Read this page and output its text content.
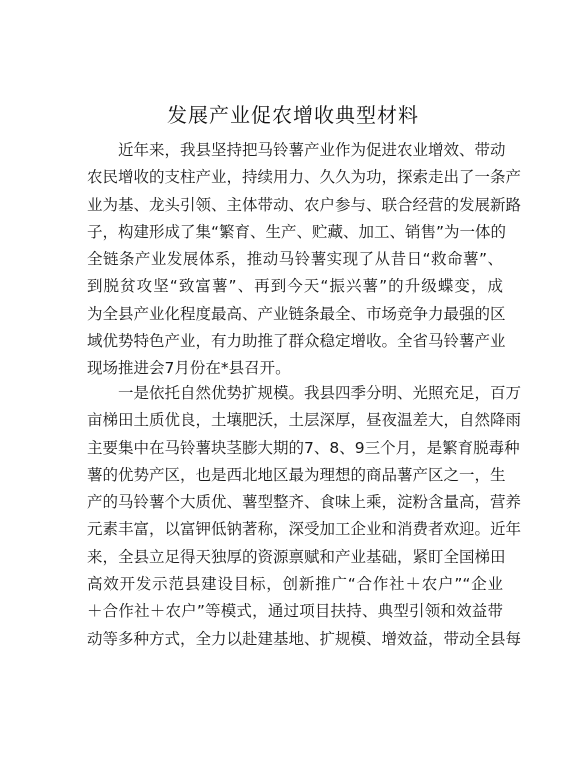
发展产业促农增收典型材料
近年来，我县坚持把马铃薯产业作为促进农业增效、带动
农民增收的支柱产业，持续用力、久久为功，探索走出了一条产
业为基、龙头引领、主体带动、农户参与、联合经营的发展新路
子，构建形成了集“繁育、生产、贮藏、加工、销售”为一体的
全链条产业发展体系，推动马铃薯实现了从昔日“救命薯”、
到脱贫攻坚“致富薯”、再到今天“振兴薯”的升级蝶变，成
为全县产业化程度最高、产业链条最全、市场竞争力最强的区
域优势特色产业，有力助推了群众稳定增收。全省马铃薯产业
现场推进会7月份在*县召开。
一是依托自然优势扩规模。我县四季分明、光照充足，百万
亩梯田土质优良，土壤肥沃，土层深厚，昼夜温差大，自然降雨
主要集中在马铃薯块茎膨大期的7、8、9三个月，是繁育脱毒种
薯的优势产区，也是西北地区最为理想的商品薯产区之一，生
产的马铃薯个大质优、薯型整齐、食味上乘，淀粉含量高，营养
元素丰富，以富钾低钠著称，深受加工企业和消费者欢迎。近年
来，全县立足得天独厚的资源禀赋和产业基础，紧盯全国梯田
高效开发示范县建设目标，创新推广“合作社＋农户”“企业
＋合作社＋农户”等模式，通过项目扶持、典型引领和效益带
动等多种方式，全力以赴建基地、扩规模、增效益，带动全县每
